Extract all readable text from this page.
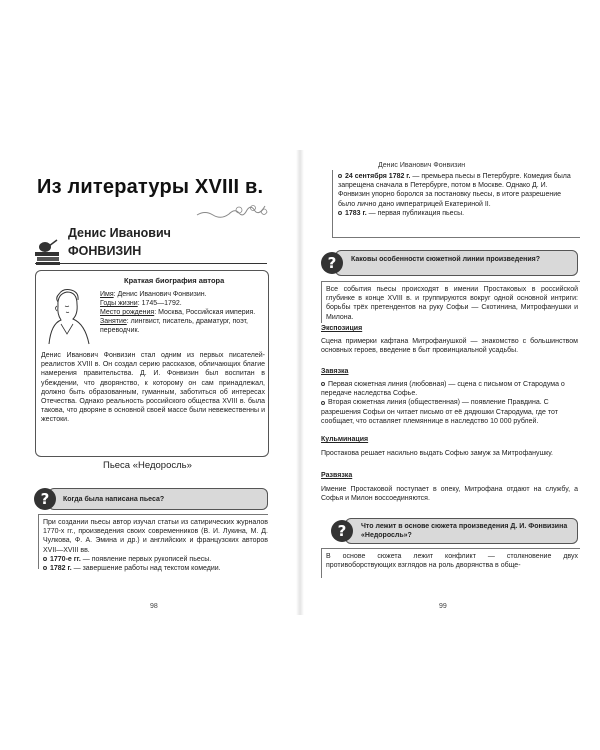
Из литературы XVIII в.
Денис Иванович
ФОНВИЗИН
Краткая биография автора
Имя: Денис Иванович Фонвизин.
Годы жизни: 1745—1792.
Место рождения: Москва, Российская империя.
Занятие: лингвист, писатель, драматург, поэт, переводчик.

Денис Иванович Фонвизин стал одним из первых писателей-реалистов XVIII в. Он создал серию рассказов, обличающих благие намерения правительства. Д. И. Фонвизин был воспитан в убеждении, что дворянство, к которому он сам принадлежал, должно быть образованным, гуманным, заботиться об интересах Отечества. Однако реальность российского общества XVIII в. была такова, что дворяне в основной своей массе были невежественны и жестоки.

Пьеса «Недоросль»
? Когда была написана пьеса?

При создании пьесы автор изучал статьи из сатирических журналов 1770-х гг., произведения своих современников (В. И. Лукина, М. Д. Чулкова, Ф. А. Эмина и др.) и английских и французских авторов XVII—XVIII вв.

1770-е гг. — появление первых рукописей пьесы.

1782 г. — завершение работы над текстом комедии.

98
Денис Иванович Фонвизин

24 сентября 1782 г. — премьера пьесы в Петербурге. Комедия была запрещена сначала в Петербурге, потом в Москве. Однако Д. И. Фонвизин упорно боролся за постановку пьесы, в итоге разрешение было лично дано императрицей Екатериной II.

1783 г. — первая публикация пьесы.

? Каковы особенности сюжетной линии произведения?

Все события пьесы происходят в имении Простаковых в российской глубинке в конце XVIII в. и группируются вокруг одной основной интриги: борьбы трёх претендентов на руку Софьи — Скотинина, Митрофанушки и Милона.

Экспозиция

Сцена примерки кафтана Митрофанушкой — знакомство с большинством основных героев, введение в быт провинциальной усадьбы.

Завязка

Первая сюжетная линия (любовная) — сцена с письмом от Стародума о передаче наследства Софье.

Вторая сюжетная линия (общественная) — появление Правдина. С разрешения Софьи он читает письмо от её дядюшки Стародума, где тот сообщает, что оставляет племяннице в наследство 10 000 рублей.

Кульминация

Простакова решает насильно выдать Софью замуж за Митрофанушку.

Развязка

Имение Простаковой поступает в опеку, Митрофана отдают на службу, а Софья и Милон воссоединяются.

? Что лежит в основе сюжета произведения Д. И. Фонвизина «Недоросль»?

В основе сюжета лежит конфликт — столкновение двух противоборствующих взглядов на роль дворянства в обще-

99
